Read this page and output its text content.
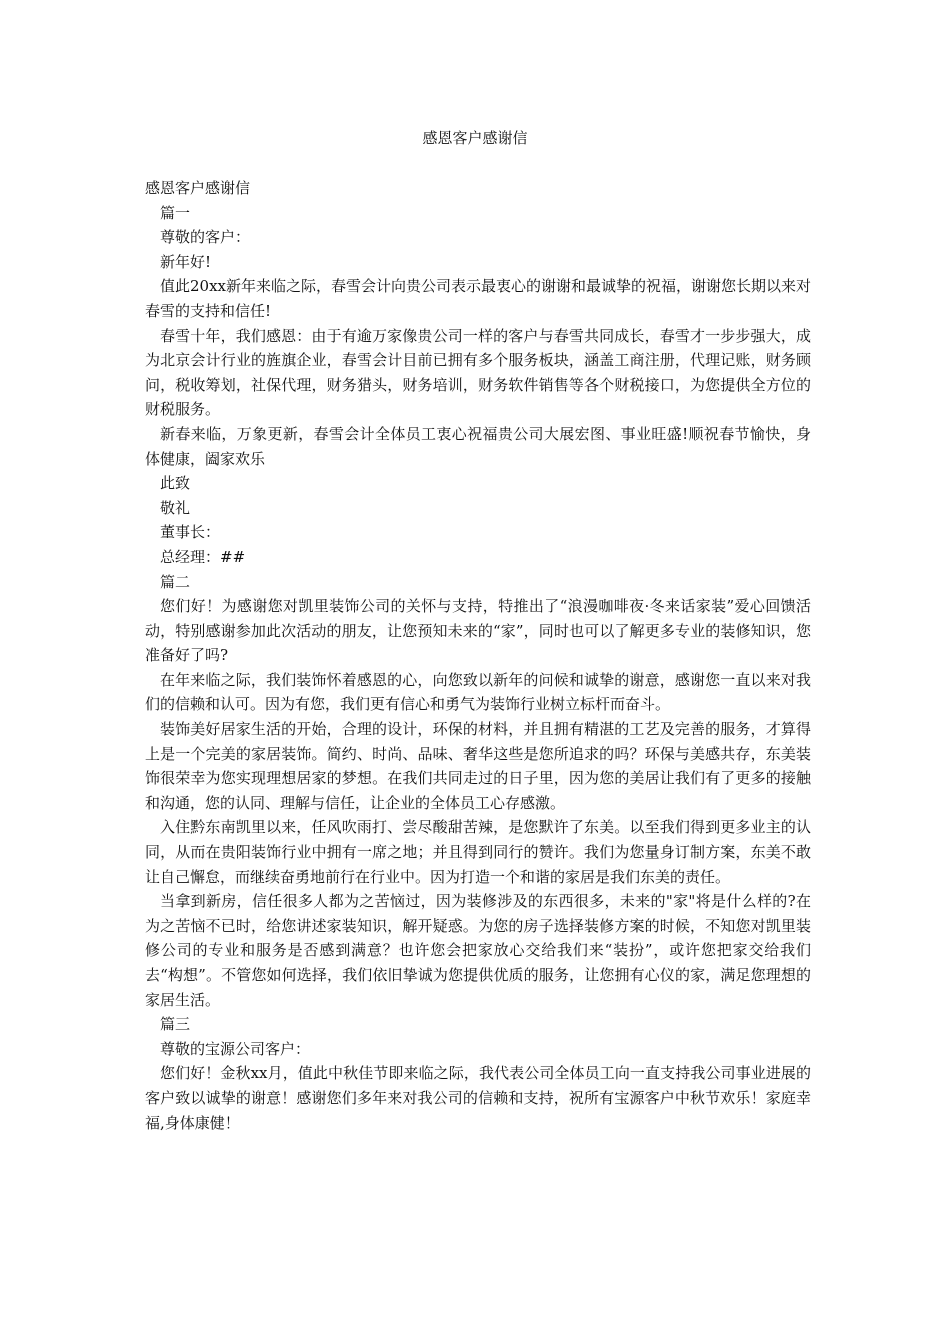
感恩客户感谢信

感恩客户感谢信

篇一

尊敬的客户：

新年好!

值此20xx新年来临之际，春雪会计向贵公司表示最衷心的谢谢和最诚挚的祝福，谢谢您长期以来对春雪的支持和信任!

春雪十年，我们感恩：由于有逾万家像贵公司一样的客户与春雪共同成长，春雪才一步步强大，成为北京会计行业的旌旗企业，春雪会计目前已拥有多个服务板块，涵盖工商注册，代理记账，财务顾问，税收筹划，社保代理，财务猎头，财务培训，财务软件销售等各个财税接口，为您提供全方位的财税服务。

新春来临，万象更新，春雪会计全体员工衷心祝福贵公司大展宏图、事业旺盛!顺祝春节愉快，身体健康，阖家欢乐

此致

敬礼

董事长：

总经理：##

篇二

您们好！为感谢您对凯里装饰公司的关怀与支持，特推出了“浪漫咖啡夜·冬来话家装”爱心回馈活动，特别感谢参加此次活动的朋友，让您预知未来的“家”，同时也可以了解更多专业的装修知识，您准备好了吗?

在年来临之际，我们装饰怀着感恩的心，向您致以新年的问候和诚挚的谢意，感谢您一直以来对我们的信赖和认可。因为有您，我们更有信心和勇气为装饰行业树立标杆而奋斗。

装饰美好居家生活的开始，合理的设计，环保的材料，并且拥有精湛的工艺及完善的服务，才算得上是一个完美的家居装饰。简约、时尚、品味、奢华这些是您所追求的吗？环保与美感共存，东美装饰很荣幸为您实现理想居家的梦想。在我们共同走过的日子里，因为您的美居让我们有了更多的接触和沟通，您的认同、理解与信任，让企业的全体员工心存感激。

入住黔东南凯里以来，任风吹雨打、尝尽酸甜苦辣，是您默许了东美。以至我们得到更多业主的认同，从而在贵阳装饰行业中拥有一席之地；并且得到同行的赞许。我们为您量身订制方案，东美不敢让自己懈怠，而继续奋勇地前行在行业中。因为打造一个和谐的家居是我们东美的责任。

当拿到新房，信任很多人都为之苦恼过，因为装修涉及的东西很多，未来的"家"将是什么样的?在为之苦恼不已时，给您讲述家装知识，解开疑惑。为您的房子选择装修方案的时候，不知您对凯里装修公司的专业和服务是否感到满意？也许您会把家放心交给我们来“装扮”，或许您把家交给我们去“构想”。不管您如何选择，我们依旧挚诚为您提供优质的服务，让您拥有心仪的家，满足您理想的家居生活。

篇三

尊敬的宝源公司客户：

您们好！金秋xx月，值此中秋佳节即来临之际，我代表公司全体员工向一直支持我公司事业进展的客户致以诚挚的谢意！感谢您们多年来对我公司的信赖和支持，祝所有宝源客户中秋节欢乐！家庭幸福,身体康健！
